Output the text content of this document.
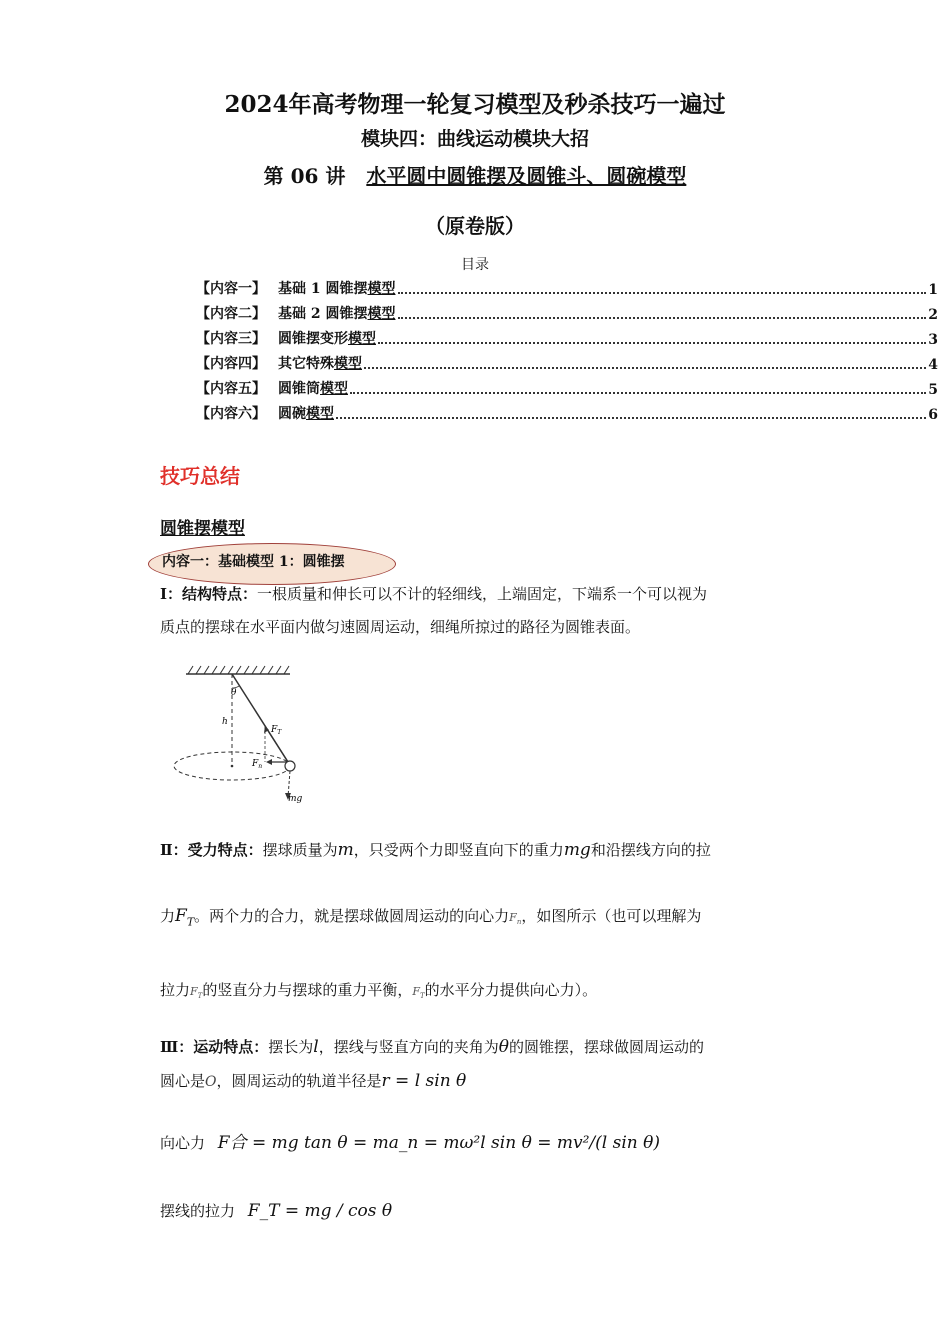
2024年高考物理一轮复习模型及秒杀技巧一遍过
模块四：曲线运动模块大招
第 06 讲 水平圆中圆锥摆及圆锥斗、圆碗模型
（原卷版）
目录
【内容一】 基础 1 圆锥摆模型	1
【内容二】 基础 2 圆锥摆模型	2
【内容三】 圆锥摆变形模型	3
【内容四】 其它特殊模型	4
【内容五】 圆锥筒模型	5
【内容六】 圆碗模型	6
技巧总结
圆锥摆模型
内容一：基础模型 1：圆锥摆
Ⅰ：结构特点：一根质量和伸长可以不计的轻细线，上端固定，下端系一个可以视为
质点的摆球在水平面内做匀速圆周运动，细绳所掠过的路径为圆锥表面。
θ
h
$F_T$
$F_n$
mg
Ⅱ：受力特点：摆球质量为m，只受两个力即竖直向下的重力mg和沿摆线方向的拉
力$F_T$。两个力的合力，就是摆球做圆周运动的向心力$F_n$，如图所示（也可以理解为
拉力$F_T$的竖直分力与摆球的重力平衡，$F_T$的水平分力提供向心力）。
Ⅲ：运动特点：摆长为l，摆线与竖直方向的夹角为θ的圆锥摆，摆球做圆周运动的
圆心是O，圆周运动的轨道半径是r = l sin θ
向心力 F合 = mg tan θ = ma_n = mω²l sin θ = mv²/(l sin θ)
摆线的拉力 F_T = mg / cos θ
